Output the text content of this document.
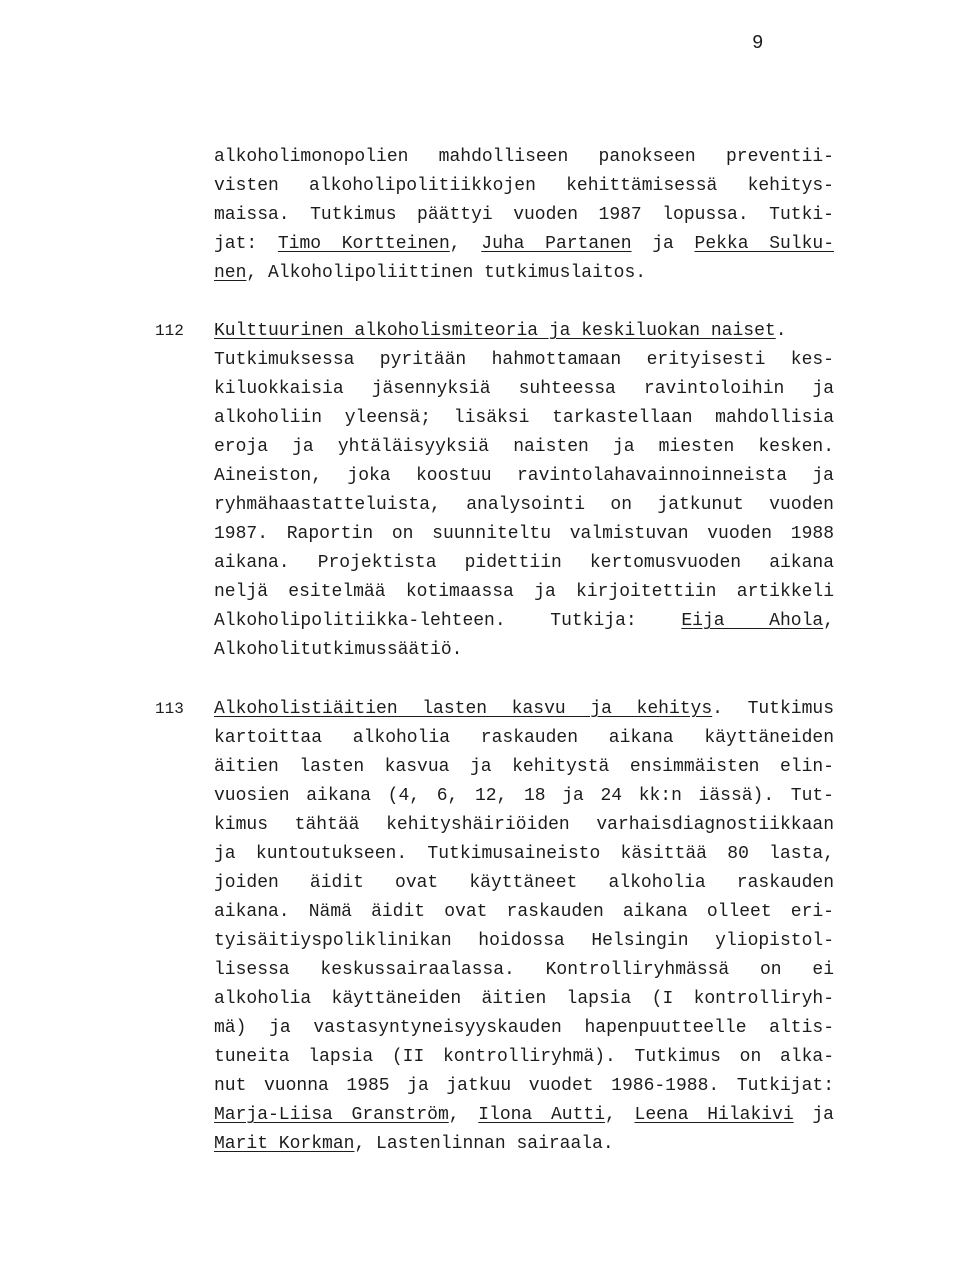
9
alkoholimonopolien mahdolliseen panokseen preventii-
visten alkoholipolitiikkojen kehittämisessä kehitys-
maissa. Tutkimus päättyi vuoden 1987 lopussa. Tutki-
jat: Timo Kortteinen, Juha Partanen ja Pekka Sulku-
nen, Alkoholipoliittinen tutkimuslaitos.
112 Kulttuurinen alkoholismiteoria ja keskiluokan naiset.
Tutkimuksessa pyritään hahmottamaan erityisesti kes-
kiluokkaisia jäsennyksiä suhteessa ravintoloihin ja
alkoholiin yleensä; lisäksi tarkastellaan mahdollisia
eroja ja yhtäläisyyksiä naisten ja miesten kesken.
Aineiston, joka koostuu ravintolahavainnoinneista ja
ryhmähaastatteluista, analysointi on jatkunut vuoden
1987. Raportin on suunniteltu valmistuvan vuoden 1988
aikana. Projektista pidettiin kertomusvuoden aikana
neljä esitelmää kotimaassa ja kirjoitettiin artikkeli
Alkoholipolitiikka-lehteen. Tutkija: Eija Ahola,
Alkoholitutkimussäätiö.
113 Alkoholistiäitien lasten kasvu ja kehitys. Tutkimus
kartoittaa alkoholia raskauden aikana käyttäneiden
äitien lasten kasvua ja kehitystä ensimmäisten elin-
vuosien aikana (4, 6, 12, 18 ja 24 kk:n iässä). Tut-
kimus tähtää kehityshäiriöiden varhaisdiagnostiikkaan
ja kuntoutukseen. Tutkimusaineisto käsittää 80 lasta,
joiden äidit ovat käyttäneet alkoholia raskauden
aikana. Nämä äidit ovat raskauden aikana olleet eri-
tyisäitiyspoliklinikan hoidossa Helsingin yliopistol-
lisessa keskussairaalassa. Kontrolliryhmässä on ei
alkoholia käyttäneiden äitien lapsia (I kontrolliryh-
mä) ja vastasyntyneisyyskauden hapenpuutteelle altis-
tuneita lapsia (II kontrolliryhmä). Tutkimus on alka-
nut vuonna 1985 ja jatkuu vuodet 1986-1988. Tutkijat:
Marja-Liisa Granström, Ilona Autti, Leena Hilakivi ja
Marit Korkman, Lastenlinnan sairaala.
